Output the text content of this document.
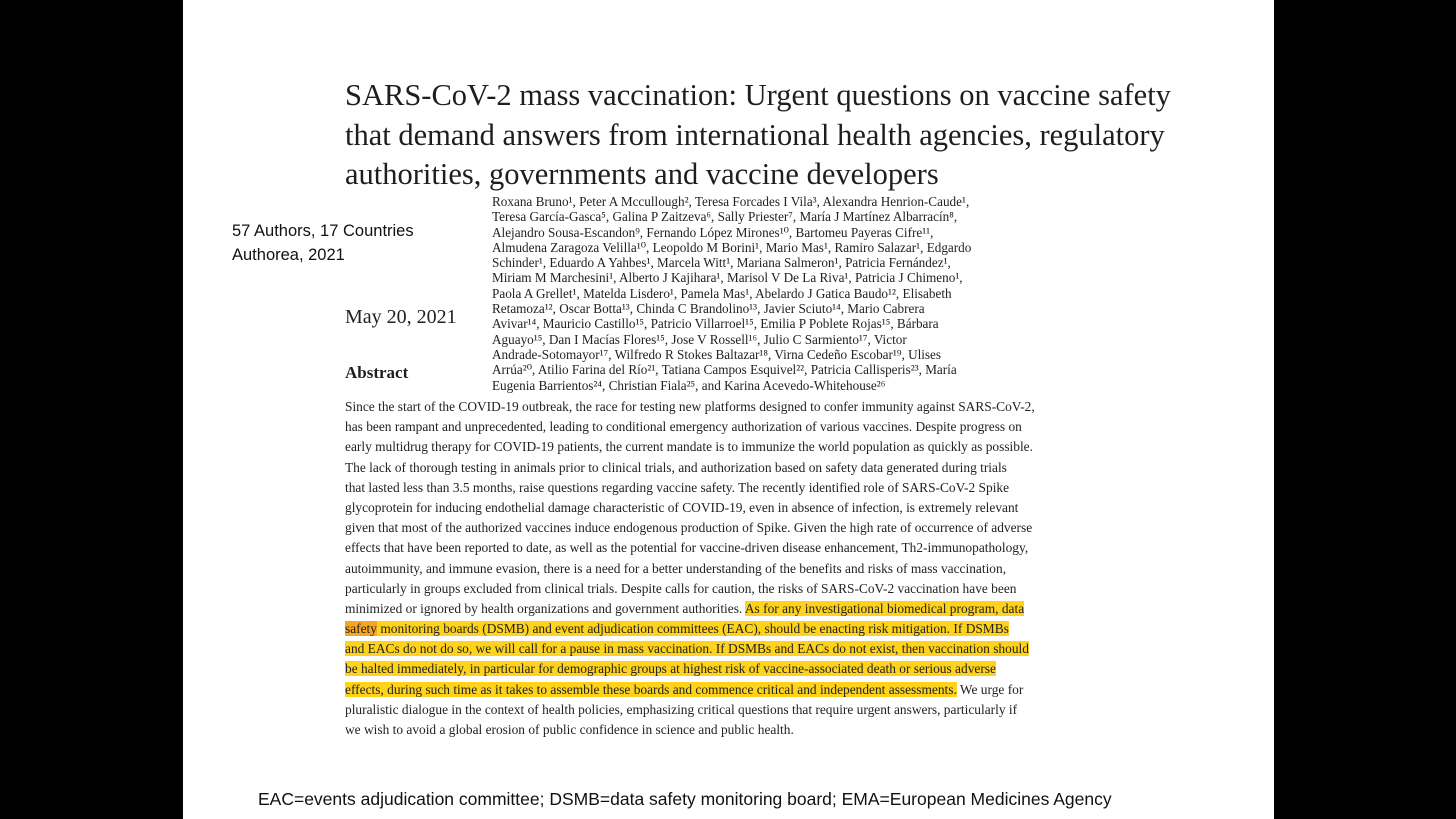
SARS-CoV-2 mass vaccination: Urgent questions on vaccine safety
that demand answers from international health agencies, regulatory
authorities, governments and vaccine developers
57 Authors, 17 Countries
Authorea, 2021
Roxana Bruno¹, Peter A Mccullough², Teresa Forcades I Vila³, Alexandra Henrion-Caude¹,
Teresa García-Gasca⁵, Galina P Zaitzeva⁶, Sally Priester⁷, María J Martínez Albarracín⁸,
Alejandro Sousa-Escandon⁹, Fernando López Mirones¹⁰, Bartomeu Payeras Cifre¹¹,
Almudena Zaragoza Velilla¹⁰, Leopoldo M Borini¹, Mario Mas¹, Ramiro Salazar¹, Edgardo
Schinder¹, Eduardo A Yahbes¹, Marcela Witt¹, Mariana Salmeron¹, Patricia Fernández¹,
Miriam M Marchesini¹, Alberto J Kajihara¹, Marisol V De La Riva¹, Patricia J Chimeno¹,
Paola A Grellet¹, Matelda Lisdero¹, Pamela Mas¹, Abelardo J Gatica Baudo¹², Elisabeth
Retamoza¹², Oscar Botta¹³, Chinda C Brandolino¹³, Javier Sciuto¹⁴, Mario Cabrera
Avivar¹⁴, Mauricio Castillo¹⁵, Patricio Villarroel¹⁵, Emilia P Poblete Rojas¹⁵, Bárbara
Aguayo¹⁵, Dan I Macías Flores¹⁵, Jose V Rossell¹⁶, Julio C Sarmiento¹⁷, Victor
Andrade-Sotomayor¹⁷, Wilfredo R Stokes Baltazar¹⁸, Virna Cedeño Escobar¹⁹, Ulises
Arrúa²⁰, Atilio Farina del Río²¹, Tatiana Campos Esquivel²², Patricia Callisperis²³, María
Eugenia Barrientos²⁴, Christian Fiala²⁵, and Karina Acevedo-Whitehouse²⁶
May 20, 2021
Abstract
Since the start of the COVID-19 outbreak, the race for testing new platforms designed to confer immunity against SARS-CoV-2,
has been rampant and unprecedented, leading to conditional emergency authorization of various vaccines. Despite progress on
early multidrug therapy for COVID-19 patients, the current mandate is to immunize the world population as quickly as possible.
The lack of thorough testing in animals prior to clinical trials, and authorization based on safety data generated during trials
that lasted less than 3.5 months, raise questions regarding vaccine safety. The recently identified role of SARS-CoV-2 Spike
glycoprotein for inducing endothelial damage characteristic of COVID-19, even in absence of infection, is extremely relevant
given that most of the authorized vaccines induce endogenous production of Spike. Given the high rate of occurrence of adverse
effects that have been reported to date, as well as the potential for vaccine-driven disease enhancement, Th2-immunopathology,
autoimmunity, and immune evasion, there is a need for a better understanding of the benefits and risks of mass vaccination,
particularly in groups excluded from clinical trials. Despite calls for caution, the risks of SARS-CoV-2 vaccination have been
minimized or ignored by health organizations and government authorities. As for any investigational biomedical program, data
safety monitoring boards (DSMB) and event adjudication committees (EAC), should be enacting risk mitigation. If DSMBs
and EACs do not do so, we will call for a pause in mass vaccination. If DSMBs and EACs do not exist, then vaccination should
be halted immediately, in particular for demographic groups at highest risk of vaccine-associated death or serious adverse
effects, during such time as it takes to assemble these boards and commence critical and independent assessments. We urge for
pluralistic dialogue in the context of health policies, emphasizing critical questions that require urgent answers, particularly if
we wish to avoid a global erosion of public confidence in science and public health.
EAC=events adjudication committee; DSMB=data safety monitoring board; EMA=European Medicines Agency
